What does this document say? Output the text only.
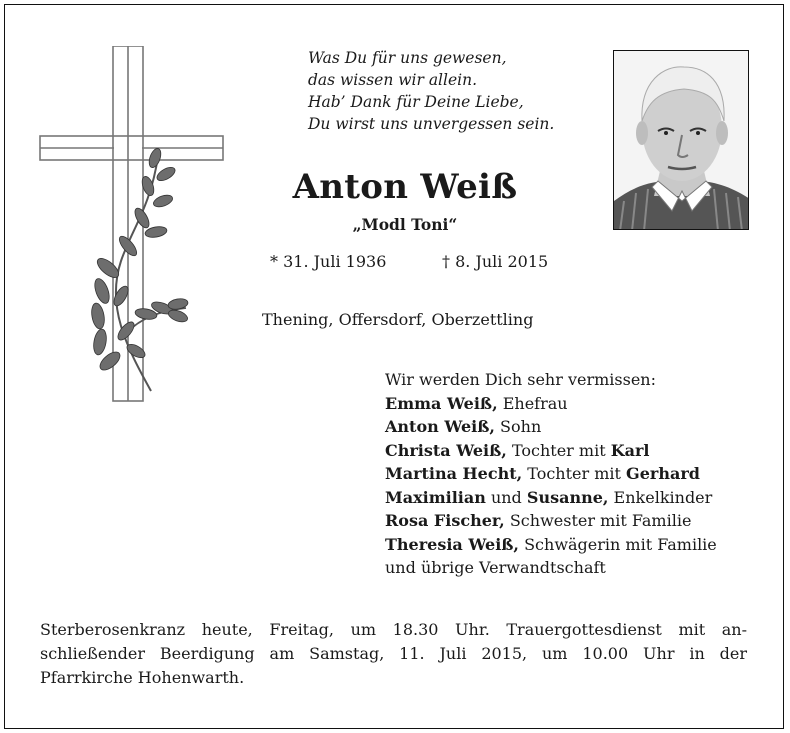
Was Du für uns gewesen,
das wissen wir allein.
Hab’ Dank für Deine Liebe,
Du wirst uns unvergessen sein.
Anton Weiß
„Modl Toni“
* 31. Juli 1936	† 8. Juli 2015
Thening, Offersdorf, Oberzettling
Wir werden Dich sehr vermissen:
Emma Weiß, Ehefrau
Anton Weiß, Sohn
Christa Weiß, Tochter mit Karl
Martina Hecht, Tochter mit Gerhard
Maximilian und Susanne, Enkelkinder
Rosa Fischer, Schwester mit Familie
Theresia Weiß, Schwägerin mit Familie
und übrige Verwandtschaft
Sterberosenkranz heute, Freitag, um 18.30 Uhr. Trauergottesdienst mit an-
schließender Beerdigung am Samstag, 11. Juli 2015, um 10.00 Uhr in der
Pfarrkirche Hohenwarth.
